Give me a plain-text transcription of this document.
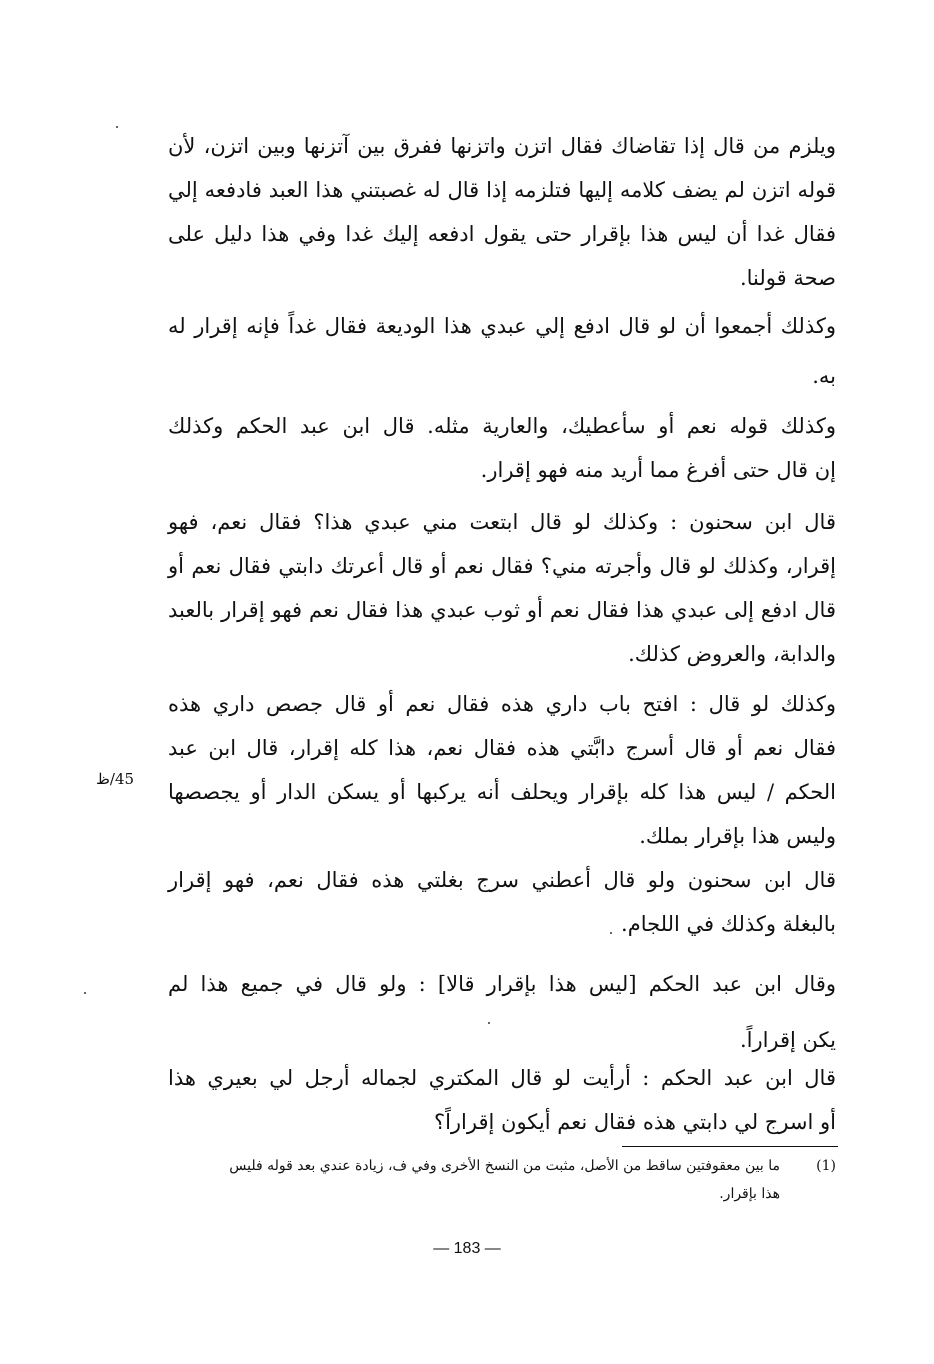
ويلزم من قال إذا تقاضاك فقال اتزن واتزنها ففرق بين آتزنها وبين اتزن، لأن
قوله اتزن لم يضف كلامه إليها فتلزمه إذا قال له غصبتني هذا العبد فادفعه إلي
فقال غدا أن ليس هذا بإقرار حتى يقول ادفعه إليك غدا وفي هذا دليل على
صحة قولنا.
وكذلك أجمعوا أن لو قال ادفع إلي عبدي هذا الوديعة فقال غداً فإنه إقرار له
به.
وكذلك قوله نعم أو سأعطيك، والعارية مثله. قال ابن عبد الحكم وكذلك
إن قال حتى أفرغ مما أريد منه فهو إقرار.
قال ابن سحنون : وكذلك لو قال ابتعت مني عبدي هذا؟ فقال نعم، فهو
إقرار، وكذلك لو قال وأجرته مني؟ فقال نعم أو قال أعرتك دابتي فقال نعم أو
قال ادفع إلى عبدي هذا فقال نعم أو ثوب عبدي هذا فقال نعم فهو إقرار بالعبد
والدابة، والعروض كذلك.
وكذلك لو قال : افتح باب داري هذه فقال نعم أو قال جصص داري هذه
فقال نعم أو قال أسرج دابَّتي هذه فقال نعم، هذا كله إقرار، قال ابن عبد
الحكم / ليس هذا كله بإقرار ويحلف أنه يركبها أو يسكن الدار أو يجصصها
وليس هذا بإقرار بملك.
قال ابن سحنون ولو قال أعطني سرج بغلتي هذه فقال نعم، فهو إقرار
بالبغلة وكذلك في اللجام.
وقال ابن عبد الحكم [ليس هذا بإقرار قالا] : ولو قال في جميع هذا لم
يكن إقراراً.
قال ابن عبد الحكم : أرأيت لو قال المكتري لجماله أرجل لي بعيري هذا
أو اسرج لي دابتي هذه فقال نعم أيكون إقراراً؟
45/ظ
(1)
ما بين معقوفتين ساقط من الأصل، مثبت من النسخ الأخرى وفي ف، زيادة عندي بعد قوله فليس
هذا بإقرار.
— 183 —
